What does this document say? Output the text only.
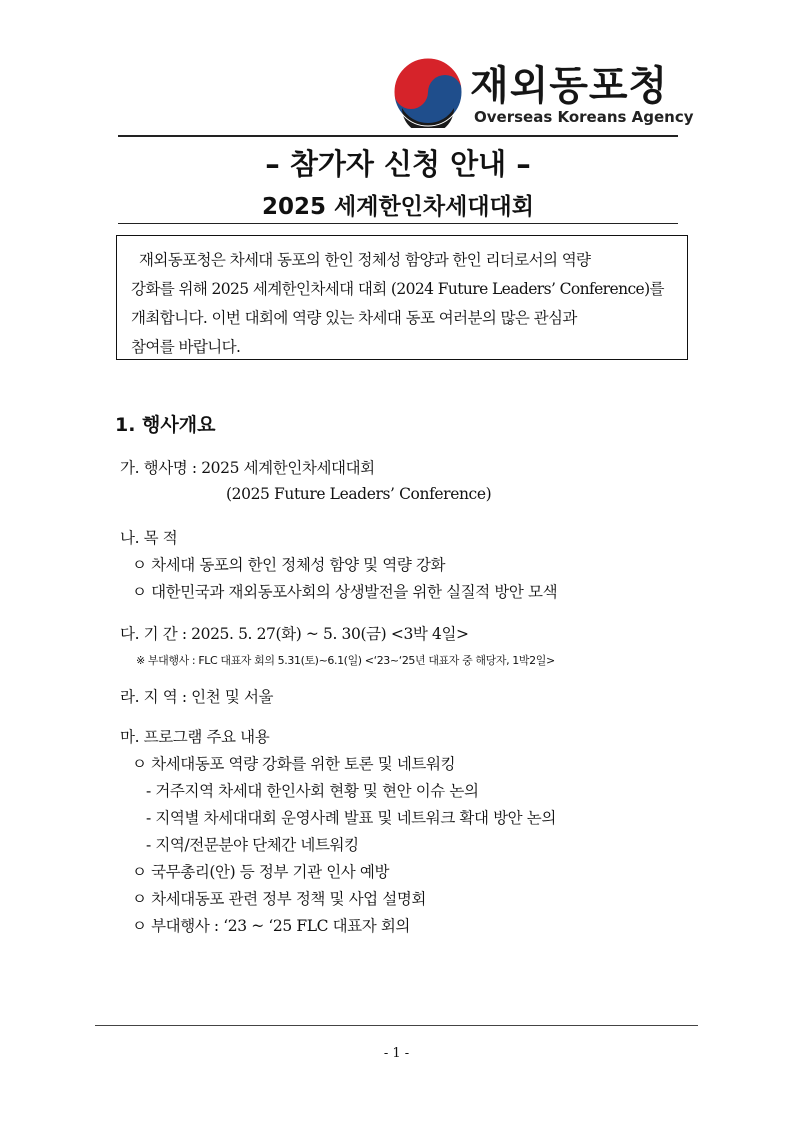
재외동포청
Overseas Koreans Agency
– 참가자 신청 안내 –
2025 세계한인차세대대회
재외동포청은 차세대 동포의 한인 정체성 함양과 한인 리더로서의 역량
강화를 위해 2025 세계한인차세대 대회 (2024 Future Leaders’ Conference)를
개최합니다. 이번 대회에 역량 있는 차세대 동포 여러분의 많은 관심과
참여를 바랍니다.
1. 행사개요
가. 행사명 : 2025 세계한인차세대대회
(2025 Future Leaders’ Conference)
나. 목 적
ㅇ 차세대 동포의 한인 정체성 함양 및 역량 강화
ㅇ 대한민국과 재외동포사회의 상생발전을 위한 실질적 방안 모색
다. 기 간 : 2025. 5. 27(화) ~ 5. 30(금) <3박 4일>
※ 부대행사 : FLC 대표자 회의 5.31(토)~6.1(일) <‘23~‘25년 대표자 중 해당자, 1박2일>
라. 지 역 : 인천 및 서울
마. 프로그램 주요 내용
ㅇ 차세대동포 역량 강화를 위한 토론 및 네트워킹
- 거주지역 차세대 한인사회 현황 및 현안 이슈 논의
- 지역별 차세대대회 운영사례 발표 및 네트워크 확대 방안 논의
- 지역/전문분야 단체간 네트워킹
ㅇ 국무총리(안) 등 정부 기관 인사 예방
ㅇ 차세대동포 관련 정부 정책 및 사업 설명회
ㅇ 부대행사 : ‘23 ~ ‘25 FLC 대표자 회의
- 1 -
